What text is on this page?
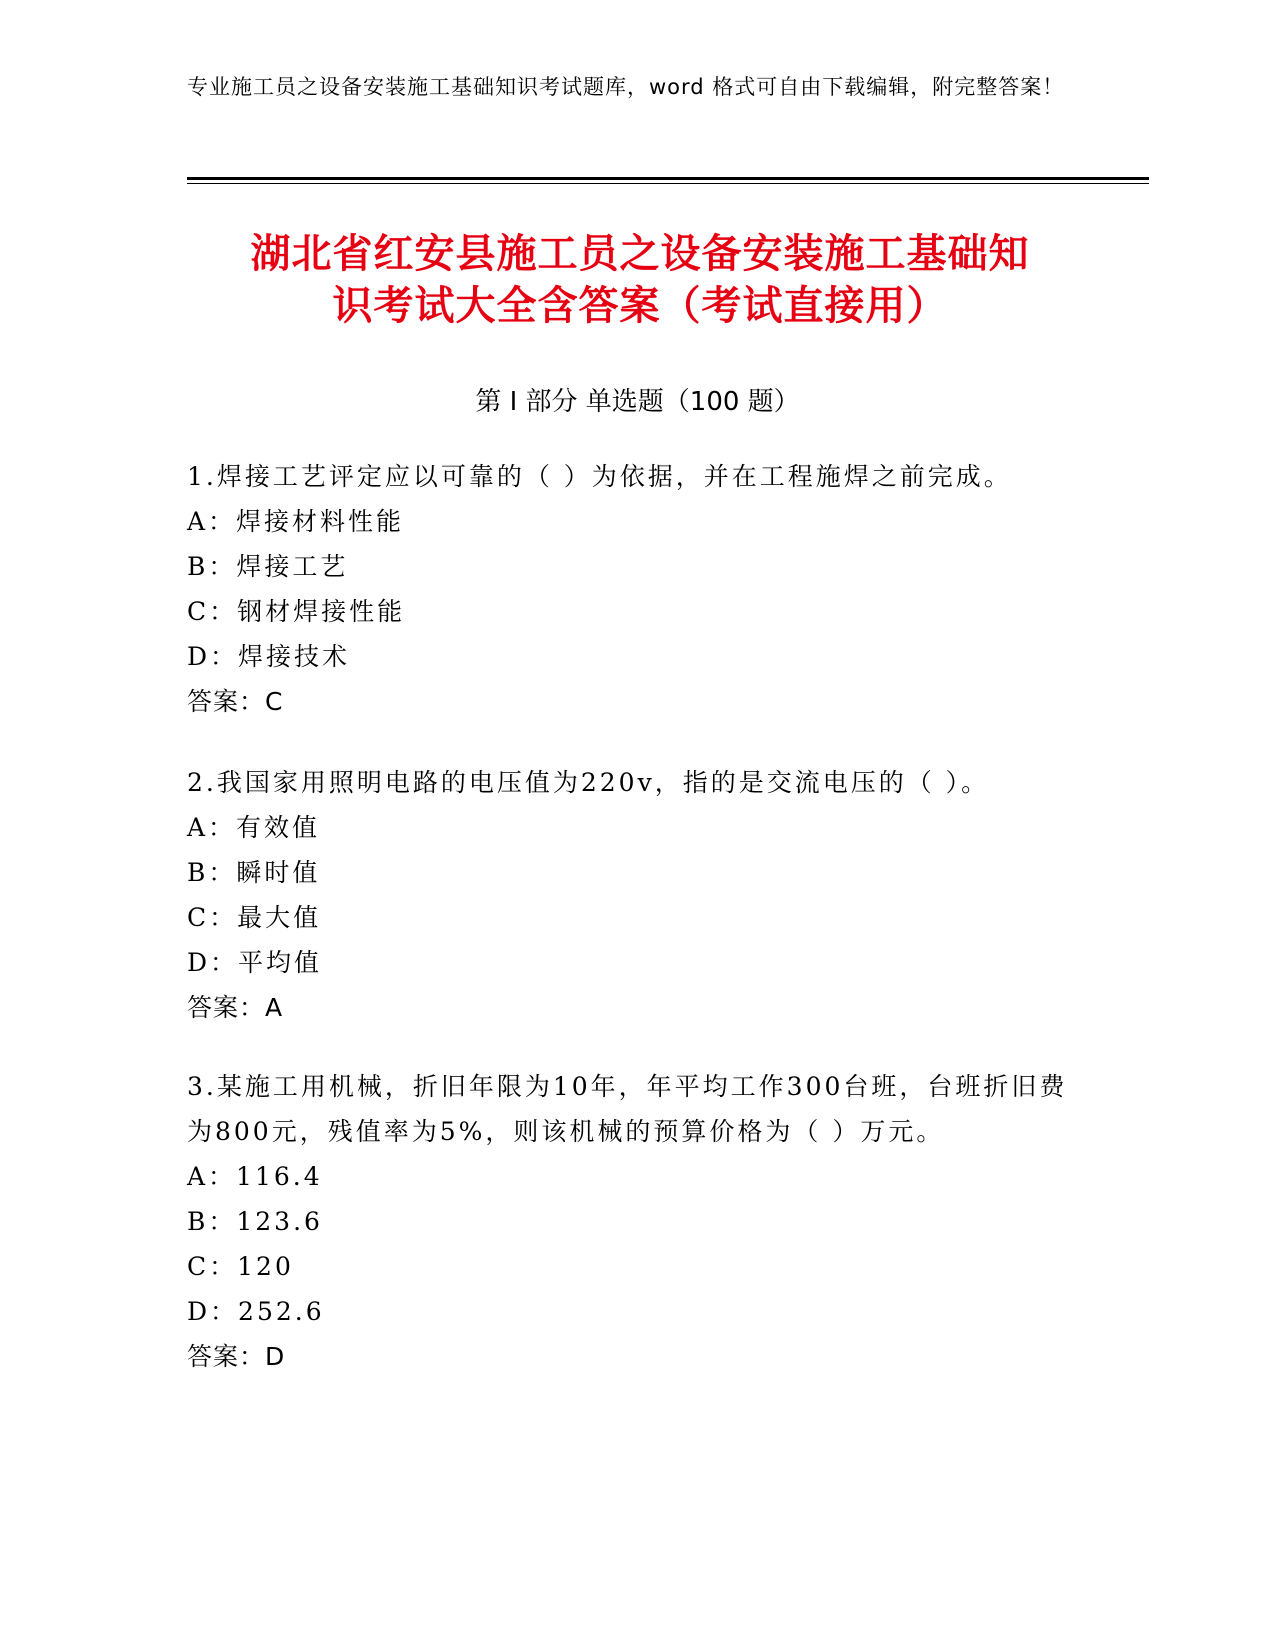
专业施工员之设备安装施工基础知识考试题库，word 格式可自由下载编辑，附完整答案！
湖北省红安县施工员之设备安装施工基础知
识考试大全含答案（考试直接用）
第 I 部分 单选题（100 题）

1.焊接工艺评定应以可靠的（ ）为依据，并在工程施焊之前完成。

A：焊接材料性能

B：焊接工艺

C：钢材焊接性能

D：焊接技术

答案：C

2.我国家用照明电路的电压值为220v，指的是交流电压的（ ）。

A：有效值

B：瞬时值

C：最大值

D：平均值

答案：A

3.某施工用机械，折旧年限为10年，年平均工作300台班，台班折旧费为800元，残值率为5%，则该机械的预算价格为（ ）万元。

A：116.4

B：123.6

C：120

D：252.6

答案：D
